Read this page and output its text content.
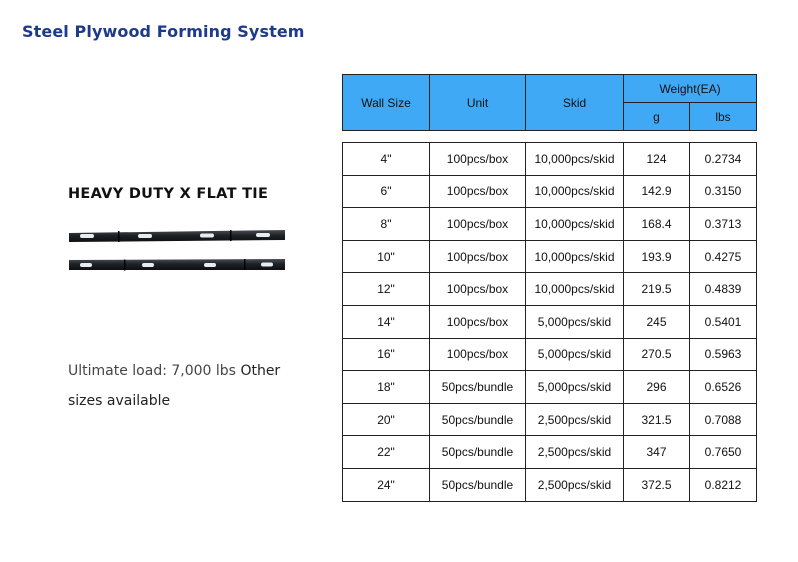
Steel Plywood Forming System
HEAVY DUTY X FLAT TIE
Ultimate load: 7,000 lbs Other sizes available
Wall Size	Unit	Skid	Weight(EA)	
			g	lbs
4"	100pcs/box	10,000pcs/skid	124	0.2734
6"	100pcs/box	10,000pcs/skid	142.9	0.3150
8"	100pcs/box	10,000pcs/skid	168.4	0.3713
10"	100pcs/box	10,000pcs/skid	193.9	0.4275
12"	100pcs/box	10,000pcs/skid	219.5	0.4839
14"	100pcs/box	5,000pcs/skid	245	0.5401
16"	100pcs/box	5,000pcs/skid	270.5	0.5963
18"	50pcs/bundle	5,000pcs/skid	296	0.6526
20"	50pcs/bundle	2,500pcs/skid	321.5	0.7088
22"	50pcs/bundle	2,500pcs/skid	347	0.7650
24"	50pcs/bundle	2,500pcs/skid	372.5	0.8212
